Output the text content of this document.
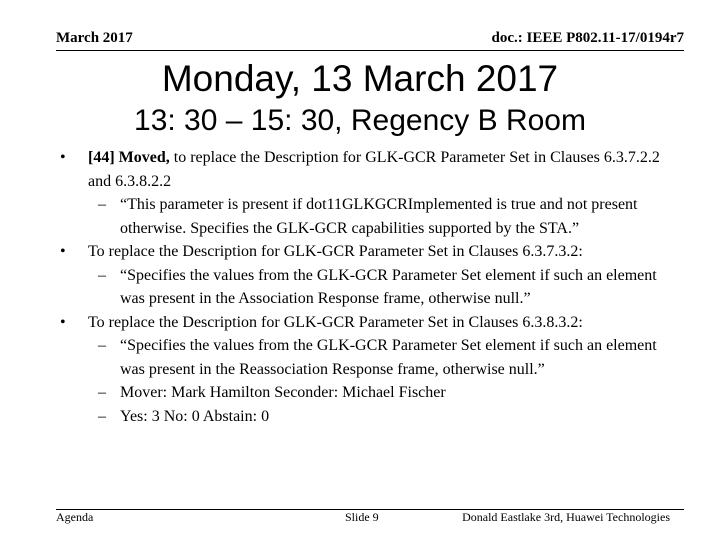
March 2017	doc.: IEEE P802.11-17/0194r7
Monday, 13 March 2017
13: 30 – 15: 30, Regency B Room
• [44] Moved, to replace the Description for GLK-GCR Parameter Set in Clauses 6.3.7.2.2 and 6.3.8.2.2
– “This parameter is present if dot11GLKGCRImplemented is true and not present otherwise. Specifies the GLK-GCR capabilities supported by the STA.”
• To replace the Description for GLK-GCR Parameter Set in Clauses 6.3.7.3.2:
– “Specifies the values from the GLK-GCR Parameter Set element if such an element was present in the Association Response frame, otherwise null.”
• To replace the Description for GLK-GCR Parameter Set in Clauses 6.3.8.3.2:
– “Specifies the values from the GLK-GCR Parameter Set element if such an element was present in the Reassociation Response frame, otherwise null.”
– Mover: Mark Hamilton Seconder: Michael Fischer
– Yes: 3 No: 0 Abstain: 0
Agenda	Slide 9	Donald Eastlake 3rd, Huawei Technologies
